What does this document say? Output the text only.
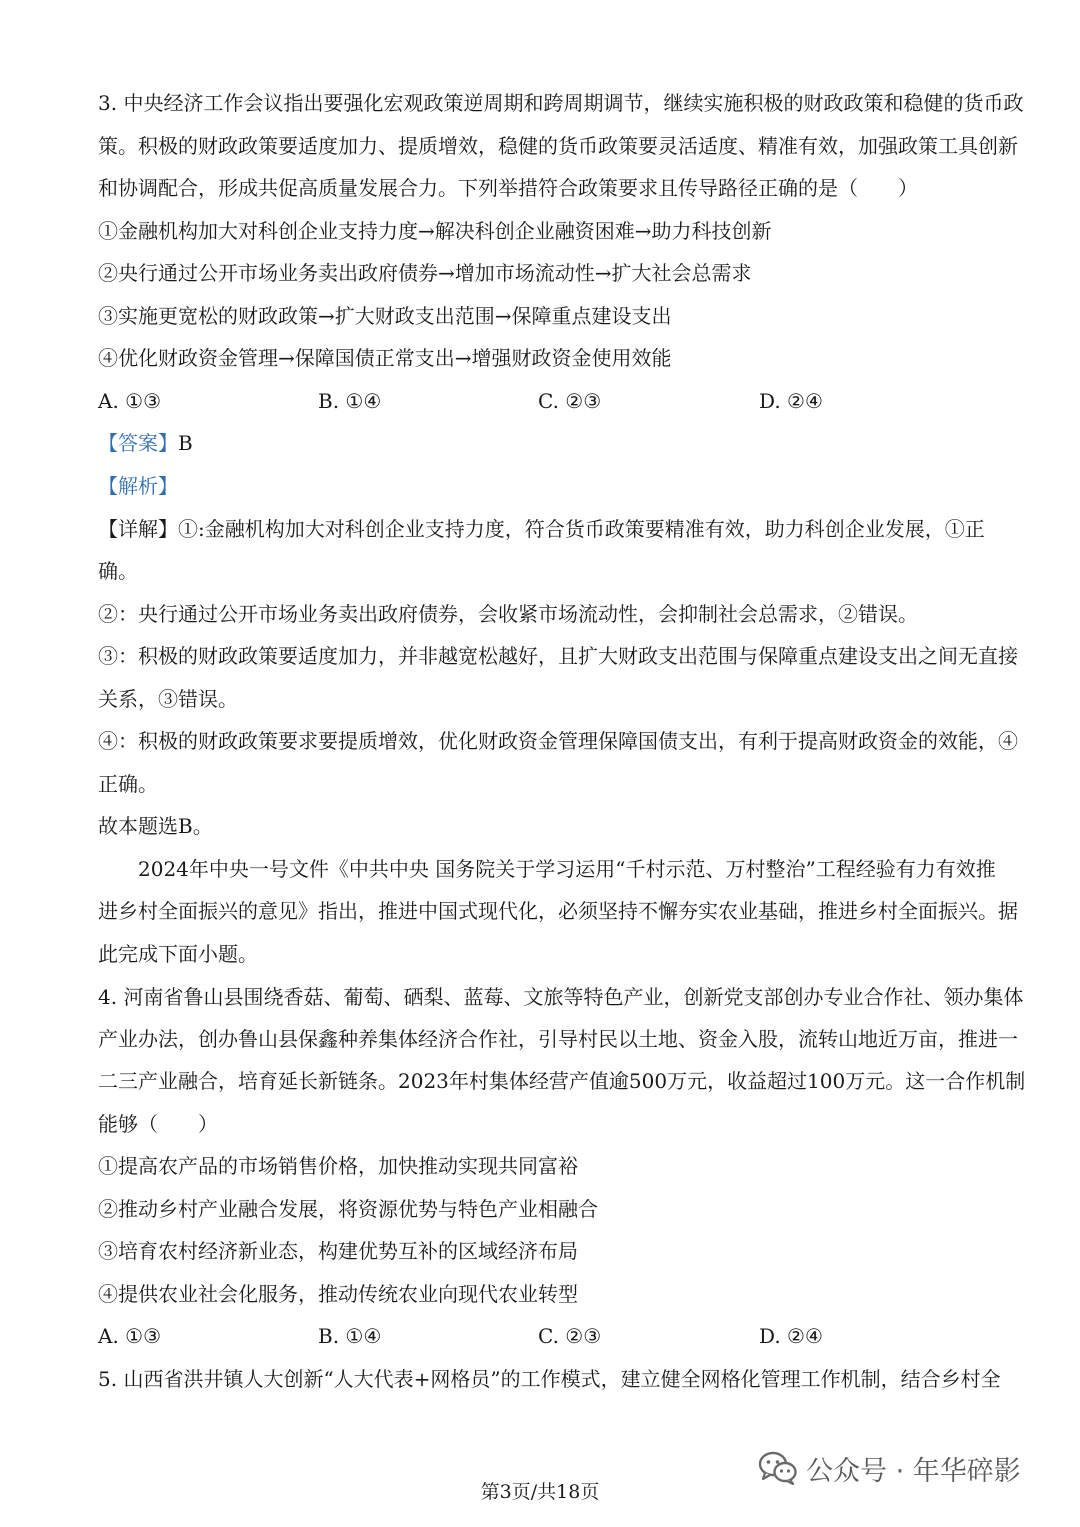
3. 中央经济工作会议指出要强化宏观政策逆周期和跨周期调节，继续实施积极的财政政策和稳健的货币政
策。积极的财政政策要适度加力、提质增效，稳健的货币政策要灵活适度、精准有效，加强政策工具创新
和协调配合，形成共促高质量发展合力。下列举措符合政策要求且传导路径正确的是（　　）
①金融机构加大对科创企业支持力度→解决科创企业融资困难→助力科技创新
②央行通过公开市场业务卖出政府债券→增加市场流动性→扩大社会总需求
③实施更宽松的财政政策→扩大财政支出范围→保障重点建设支出
④优化财政资金管理→保障国债正常支出→增强财政资金使用效能
A. ①③	B. ①④	C. ②③	D. ②④
【答案】B
【解析】
【详解】①:金融机构加大对科创企业支持力度，符合货币政策要精准有效，助力科创企业发展，①正
确。
②：央行通过公开市场业务卖出政府债券，会收紧市场流动性，会抑制社会总需求，②错误。
③：积极的财政政策要适度加力，并非越宽松越好，且扩大财政支出范围与保障重点建设支出之间无直接
关系，③错误。
④：积极的财政政策要求要提质增效，优化财政资金管理保障国债支出，有利于提高财政资金的效能，④
正确。
故本题选B。
2024年中央一号文件《中共中央 国务院关于学习运用“千村示范、万村整治”工程经验有力有效推
进乡村全面振兴的意见》指出，推进中国式现代化，必须坚持不懈夯实农业基础，推进乡村全面振兴。据
此完成下面小题。
4. 河南省鲁山县围绕香菇、葡萄、硒梨、蓝莓、文旅等特色产业，创新党支部创办专业合作社、领办集体
产业办法，创办鲁山县保鑫种养集体经济合作社，引导村民以土地、资金入股，流转山地近万亩，推进一
二三产业融合，培育延长新链条。2023年村集体经营产值逾500万元，收益超过100万元。这一合作机制
能够（　　）
①提高农产品的市场销售价格，加快推动实现共同富裕
②推动乡村产业融合发展，将资源优势与特色产业相融合
③培育农村经济新业态，构建优势互补的区域经济布局
④提供农业社会化服务，推动传统农业向现代农业转型
A. ①③	B. ①④	C. ②③	D. ②④
5. 山西省洪井镇人大创新“人大代表+网格员”的工作模式，建立健全网格化管理工作机制，结合乡村全
第3页/共18页
公众号 · 年华碎影
